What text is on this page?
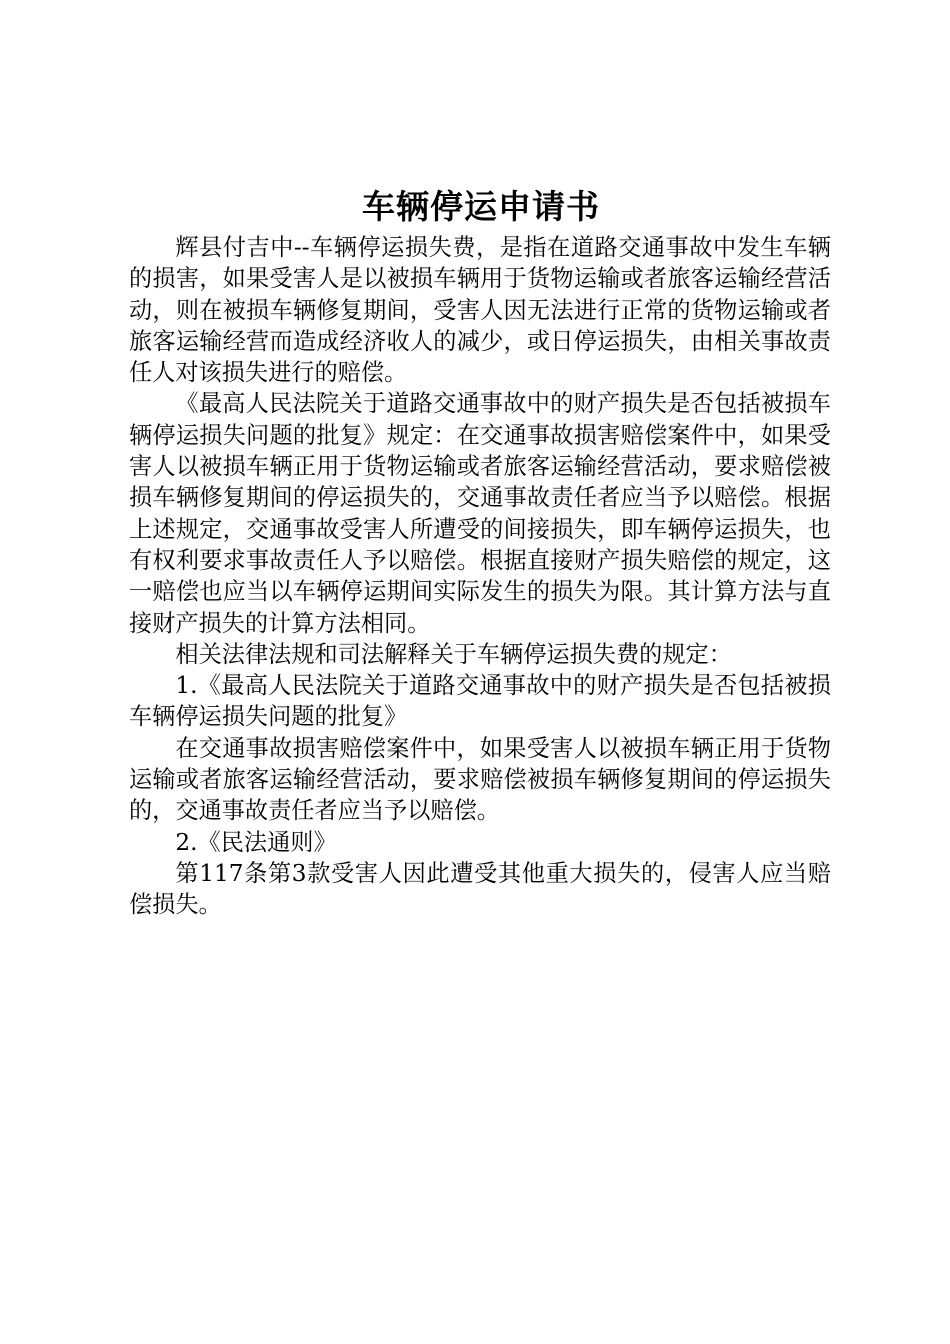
车辆停运申请书

辉县付吉中--车辆停运损失费，是指在道路交通事故中发生车辆的损害，如果受害人是以被损车辆用于货物运输或者旅客运输经营活动，则在被损车辆修复期间，受害人因无法进行正常的货物运输或者旅客运输经营而造成经济收人的减少，或日停运损失，由相关事故责任人对该损失进行的赔偿。

《最高人民法院关于道路交通事故中的财产损失是否包括被损车辆停运损失问题的批复》规定：在交通事故损害赔偿案件中，如果受害人以被损车辆正用于货物运输或者旅客运输经营活动，要求赔偿被损车辆修复期间的停运损失的，交通事故责任者应当予以赔偿。根据上述规定，交通事故受害人所遭受的间接损失，即车辆停运损失，也有权利要求事故责任人予以赔偿。根据直接财产损失赔偿的规定，这一赔偿也应当以车辆停运期间实际发生的损失为限。其计算方法与直接财产损失的计算方法相同。

相关法律法规和司法解释关于车辆停运损失费的规定：

1.《最高人民法院关于道路交通事故中的财产损失是否包括被损车辆停运损失问题的批复》

在交通事故损害赔偿案件中，如果受害人以被损车辆正用于货物运输或者旅客运输经营活动，要求赔偿被损车辆修复期间的停运损失的，交通事故责任者应当予以赔偿。

2.《民法通则》

第117条第3款受害人因此遭受其他重大损失的，侵害人应当赔偿损失。
